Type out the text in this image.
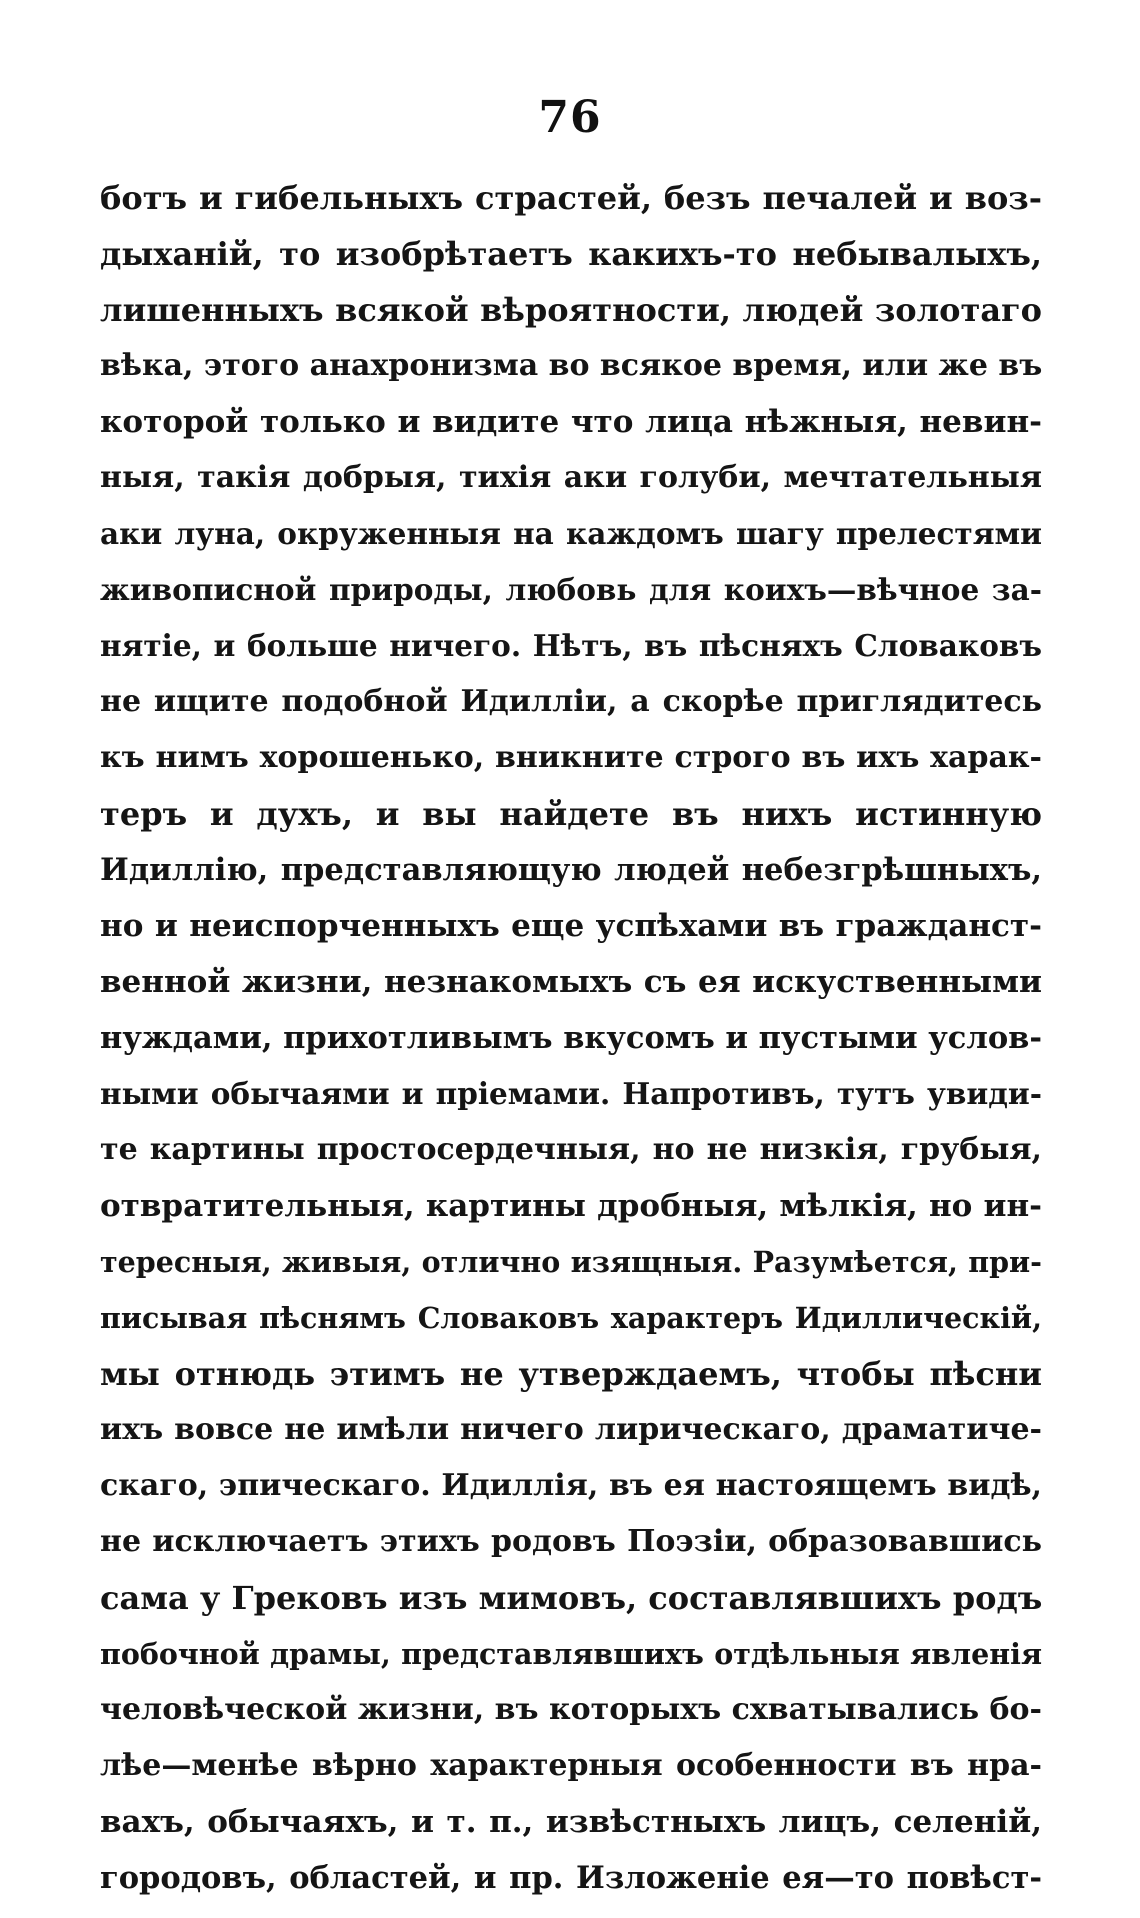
76
ботъ и гибельныхъ страстей, безъ печалей и воз-
дыханій, то изобрѣтаетъ какихъ-то небывалыхъ,
лишенныхъ всякой вѣроятности, людей золотаго
вѣка, этого анахронизма во всякое время, или же въ
которой только и видите что лица нѣжныя, невин-
ныя, такія добрыя, тихія аки голуби, мечтательныя
аки луна, окруженныя на каждомъ шагу прелестями
живописной природы, любовь для коихъ—вѣчное за-
нятіе, и больше ничего. Нѣтъ, въ пѣсняхъ Словаковъ
не ищите подобной Идилліи, а скорѣе приглядитесь
къ нимъ хорошенько, вникните строго въ ихъ харак-
теръ и духъ, и вы найдете въ нихъ истинную
Идиллію, представляющую людей небезгрѣшныхъ,
но и неиспорченныхъ еще успѣхами въ гражданст-
венной жизни, незнакомыхъ съ ея искуственными
нуждами, прихотливымъ вкусомъ и пустыми услов-
ными обычаями и пріемами. Напротивъ, тутъ увиди-
те картины простосердечныя, но не низкія, грубыя,
отвратительныя, картины дробныя, мѣлкія, но ин-
тересныя, живыя, отлично изящныя. Разумѣется, при-
писывая пѣснямъ Словаковъ характеръ Идиллическій,
мы отнюдь этимъ не утверждаемъ, чтобы пѣсни
ихъ вовсе не имѣли ничего лирическаго, драматиче-
скаго, эпическаго. Идиллія, въ ея настоящемъ видѣ,
не исключаетъ этихъ родовъ Поэзіи, образовавшись
сама у Грековъ изъ мимовъ, составлявшихъ родъ
побочной драмы, представлявшихъ отдѣльныя явленія
человѣческой жизни, въ которыхъ схватывались бо-
лѣе—менѣе вѣрно характерныя особенности въ нра-
вахъ, обычаяхъ, и т. п., извѣстныхъ лицъ, селеній,
городовъ, областей, и пр. Изложеніе ея—то повѣст-
